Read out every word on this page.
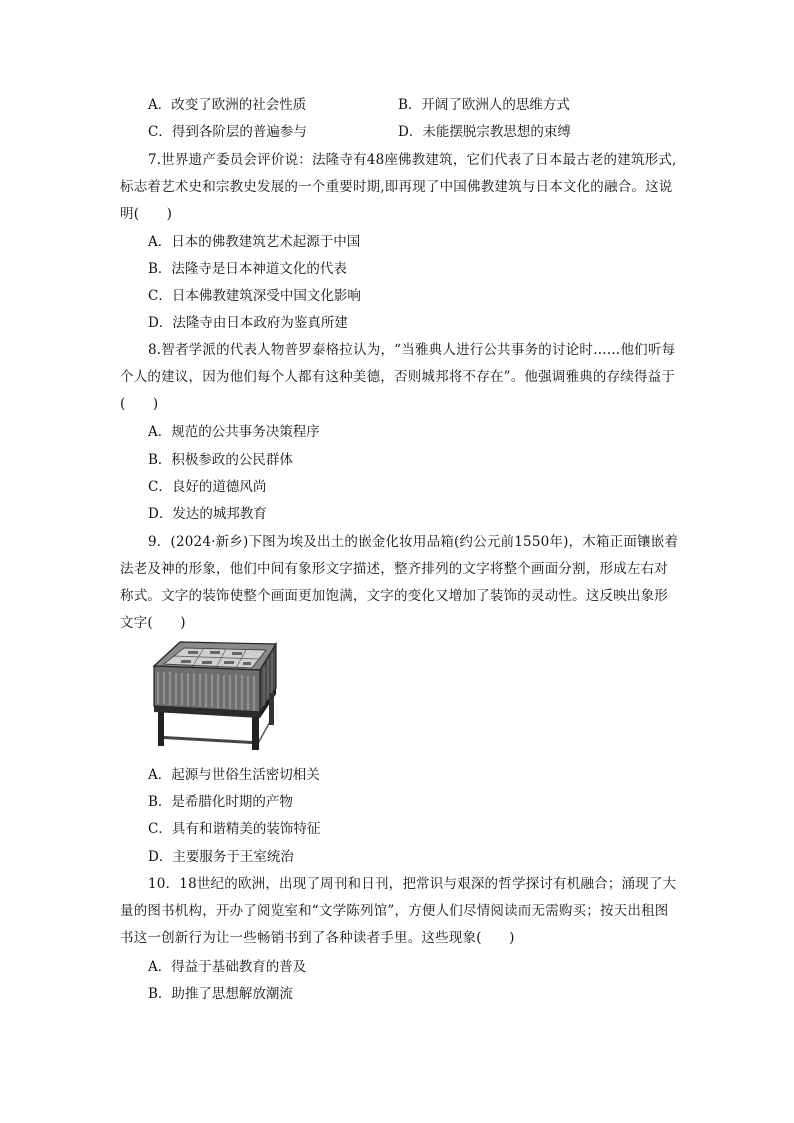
A．改变了欧洲的社会性质	B．开阔了欧洲人的思维方式
C．得到各阶层的普遍参与	D．未能摆脱宗教思想的束缚
7.世界遗产委员会评价说：法隆寺有48座佛教建筑，它们代表了日本最古老的建筑形式,标志着艺术史和宗教史发展的一个重要时期,即再现了中国佛教建筑与日本文化的融合。这说明(　　)
A．日本的佛教建筑艺术起源于中国
B．法隆寺是日本神道文化的代表
C．日本佛教建筑深受中国文化影响
D．法隆寺由日本政府为鉴真所建
8.智者学派的代表人物普罗泰格拉认为，“当雅典人进行公共事务的讨论时……他们听每个人的建议，因为他们每个人都有这种美德，否则城邦将不存在”。他强调雅典的存续得益于(　　)
A．规范的公共事务决策程序
B．积极参政的公民群体
C．良好的道德风尚
D．发达的城邦教育
9．(2024·新乡)下图为埃及出土的嵌金化妆用品箱(约公元前1550年)，木箱正面镶嵌着法老及神的形象，他们中间有象形文字描述，整齐排列的文字将整个画面分割，形成左右对称式。文字的装饰使整个画面更加饱满，文字的变化又增加了装饰的灵动性。这反映出象形文字(　　)
A．起源与世俗生活密切相关
B．是希腊化时期的产物
C．具有和谐精美的装饰特征
D．主要服务于王室统治
10．18世纪的欧洲，出现了周刊和日刊，把常识与艰深的哲学探讨有机融合；涌现了大量的图书机构，开办了阅览室和“文学陈列馆”，方便人们尽情阅读而无需购买；按天出租图书这一创新行为让一些畅销书到了各种读者手里。这些现象(　　)
A．得益于基础教育的普及
B．助推了思想解放潮流
